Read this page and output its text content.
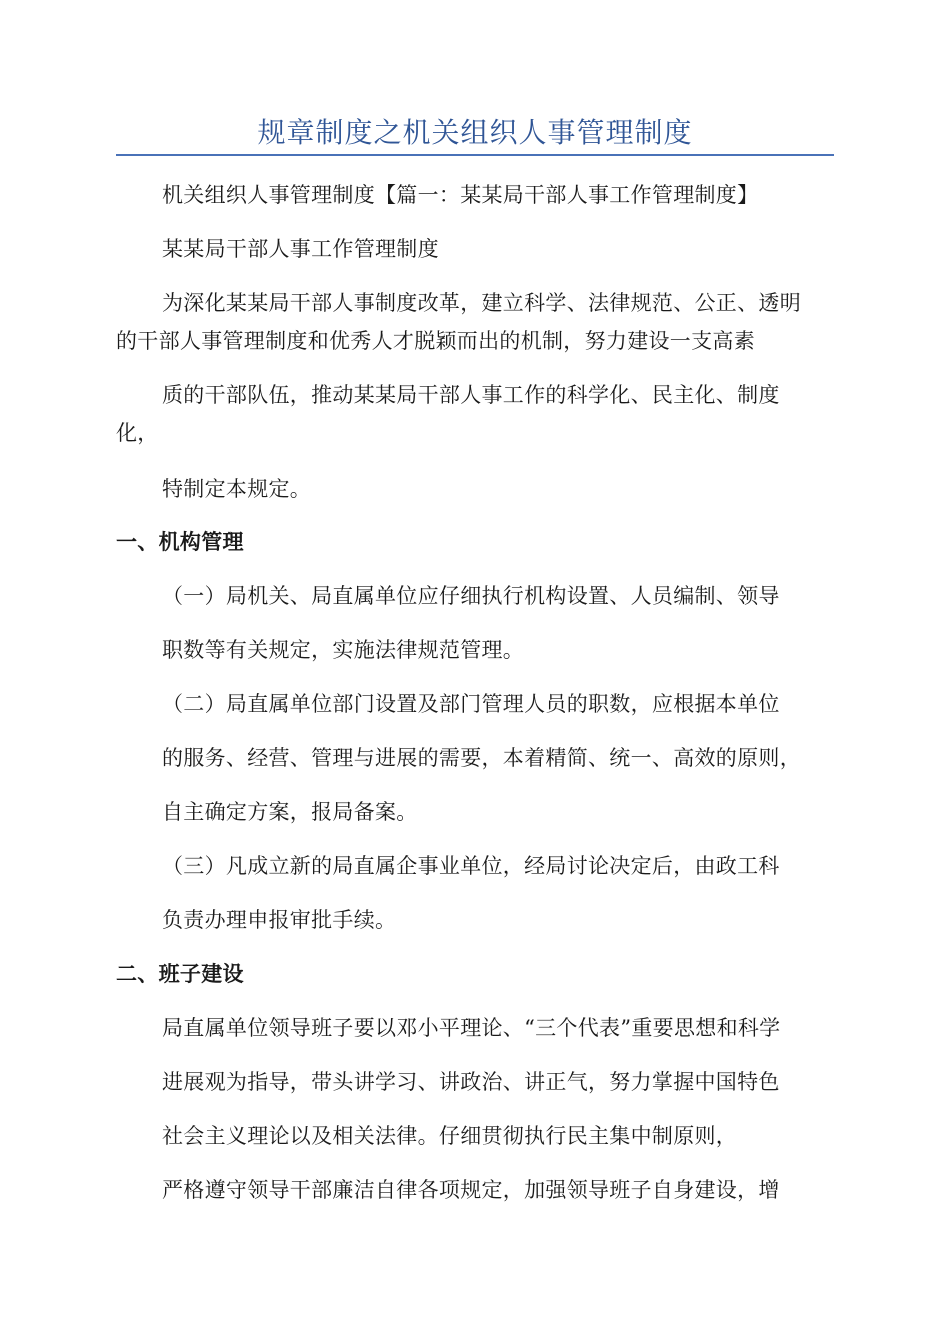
规章制度之机关组织人事管理制度
机关组织人事管理制度【篇一：某某局干部人事工作管理制度】
某某局干部人事工作管理制度
为深化某某局干部人事制度改革，建立科学、法律规范、公正、透明
的干部人事管理制度和优秀人才脱颖而出的机制，努力建设一支高素
质的干部队伍，推动某某局干部人事工作的科学化、民主化、制度
化，
特制定本规定。
一、机构管理
（一）局机关、局直属单位应仔细执行机构设置、人员编制、领导
职数等有关规定，实施法律规范管理。
（二）局直属单位部门设置及部门管理人员的职数，应根据本单位
的服务、经营、管理与进展的需要，本着精简、统一、高效的原则，
自主确定方案，报局备案。
（三）凡成立新的局直属企事业单位，经局讨论决定后，由政工科
负责办理申报审批手续。
二、班子建设
局直属单位领导班子要以邓小平理论、“三个代表”重要思想和科学
进展观为指导，带头讲学习、讲政治、讲正气，努力掌握中国特色
社会主义理论以及相关法律。仔细贯彻执行民主集中制原则，
严格遵守领导干部廉洁自律各项规定，加强领导班子自身建设，增
